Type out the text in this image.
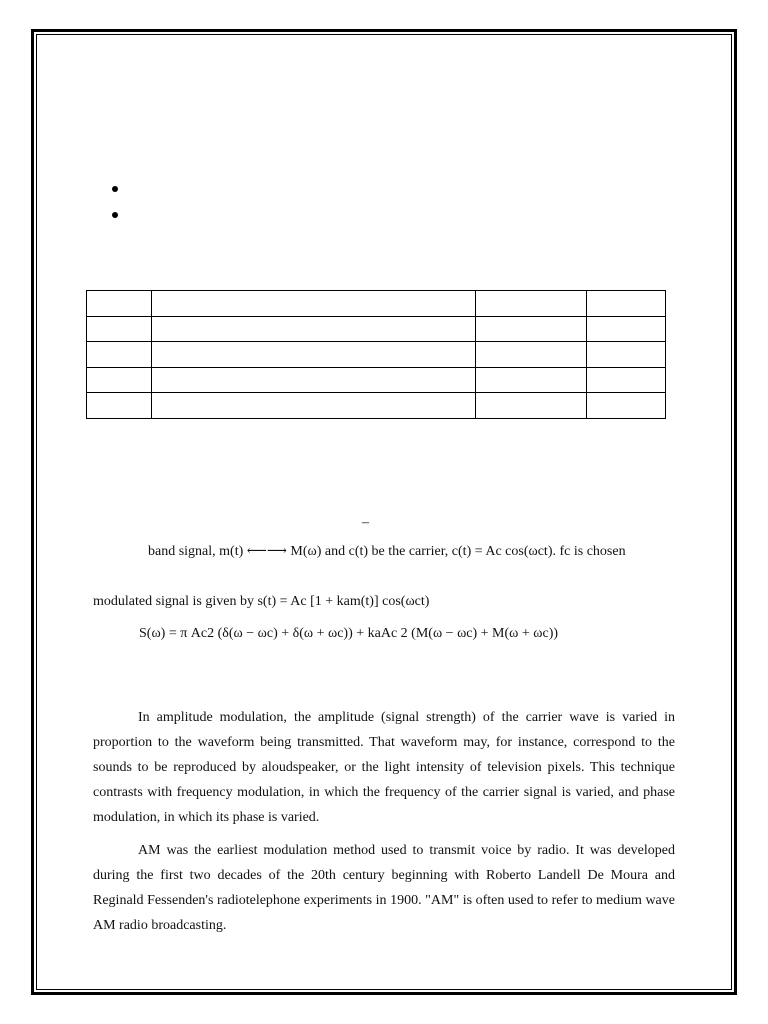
–
band signal, m(t) ⟵⟶ M(ω) and c(t) be the carrier, c(t) = Ac cos(ωct). fc is chosen
modulated signal is given by s(t) = Ac [1 + kam(t)] cos(ωct)
S(ω) = π Ac2 (δ(ω − ωc) + δ(ω + ωc)) + kaAc 2 (M(ω − ωc) + M(ω + ωc))

In amplitude modulation, the amplitude (signal strength) of the carrier wave is varied in proportion to the waveform being transmitted. That waveform may, for instance, correspond to the sounds to be reproduced by aloudspeaker, or the light intensity of television pixels. This technique contrasts with frequency modulation, in which the frequency of the carrier signal is varied, and phase modulation, in which its phase is varied.

AM was the earliest modulation method used to transmit voice by radio. It was developed during the first two decades of the 20th century beginning with Roberto Landell De Moura and Reginald Fessenden's radiotelephone experiments in 1900. "AM" is often used to refer to medium wave AM radio broadcasting.
